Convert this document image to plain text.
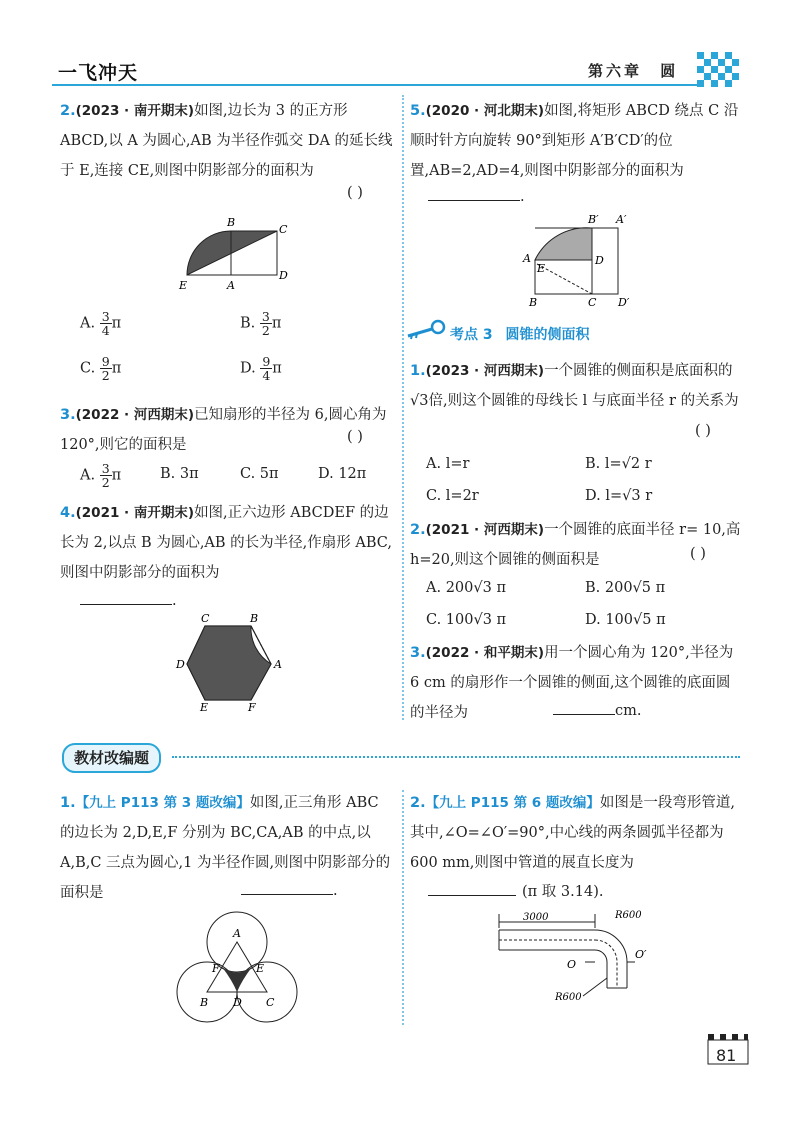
一飞冲天	第六章 圆
2.(2023 · 南开期末)如图,边长为 3 的正方形 ABCD,以 A 为圆心,AB 为半径作弧交 DA 的延长线于 E,连接 CE,则图中阴影部分的面积为
( )
B
C
E	A
D
A. $\frac{3}{4}$ π	B. $\frac{3}{2}$ π
C. $\frac{9}{2}$ π	D. $\frac{9}{4}$ π
3.(2022 · 河西期末)已知扇形的半径为 6,圆心角为 120°,则它的面积是	( )
A. $\frac{3}{2}$ π	B. 3π	C. 5π	D. 12π
4.(2021 · 南开期末)如图,正六边形 ABCDEF 的边长为 2,以点 B 为圆心,AB 的长为半径,作扇形 ABC,则图中阴影部分的面积为
.
C	B
D	A
E	F
5.(2020 · 河北期末)如图,将矩形 ABCD 绕点 C 沿顺时针方向旋转 90°到矩形 A′B′CD′的位置,AB=2,AD=4,则图中阴影部分的面积为
.
B′ A′
A
E
D
B	C D′
考点 3 圆锥的侧面积
1.(2023 · 河西期末)一个圆锥的侧面积是底面积的√3倍,则这个圆锥的母线长 l 与底面半径 r 的关系为
( )
A. l=r	B. l=√2 r
C. l=2r	D. l=√3 r
2.(2021 · 河西期末)一个圆锥的底面半径 r= 10,高 h=20,则这个圆锥的侧面积是	( )
A. 200√3 π	B. 200√5 π
C. 100√3 π	D. 100√5 π
3.(2022 · 和平期末)用一个圆心角为 120°,半径为 6 cm 的扇形作一个圆锥的侧面,这个圆锥的底面圆的半径为	cm.
教材改编题
1.【九上 P113 第 3 题改编】如图,正三角形 ABC 的边长为 2,D,E,F 分别为 BC,CA,AB 的中点,以 A,B,C 三点为圆心,1 为半径作圆,则图中阴影部分的面积是	.
A
F	E
B D C
2.【九上 P115 第 6 题改编】如图是一段弯形管道,其中,∠O=∠O′=90°,中心线的两条圆弧半径都为 600 mm,则图中管道的展直长度为
(π 取 3.14).
3000	R600
O
O′
R600
81
